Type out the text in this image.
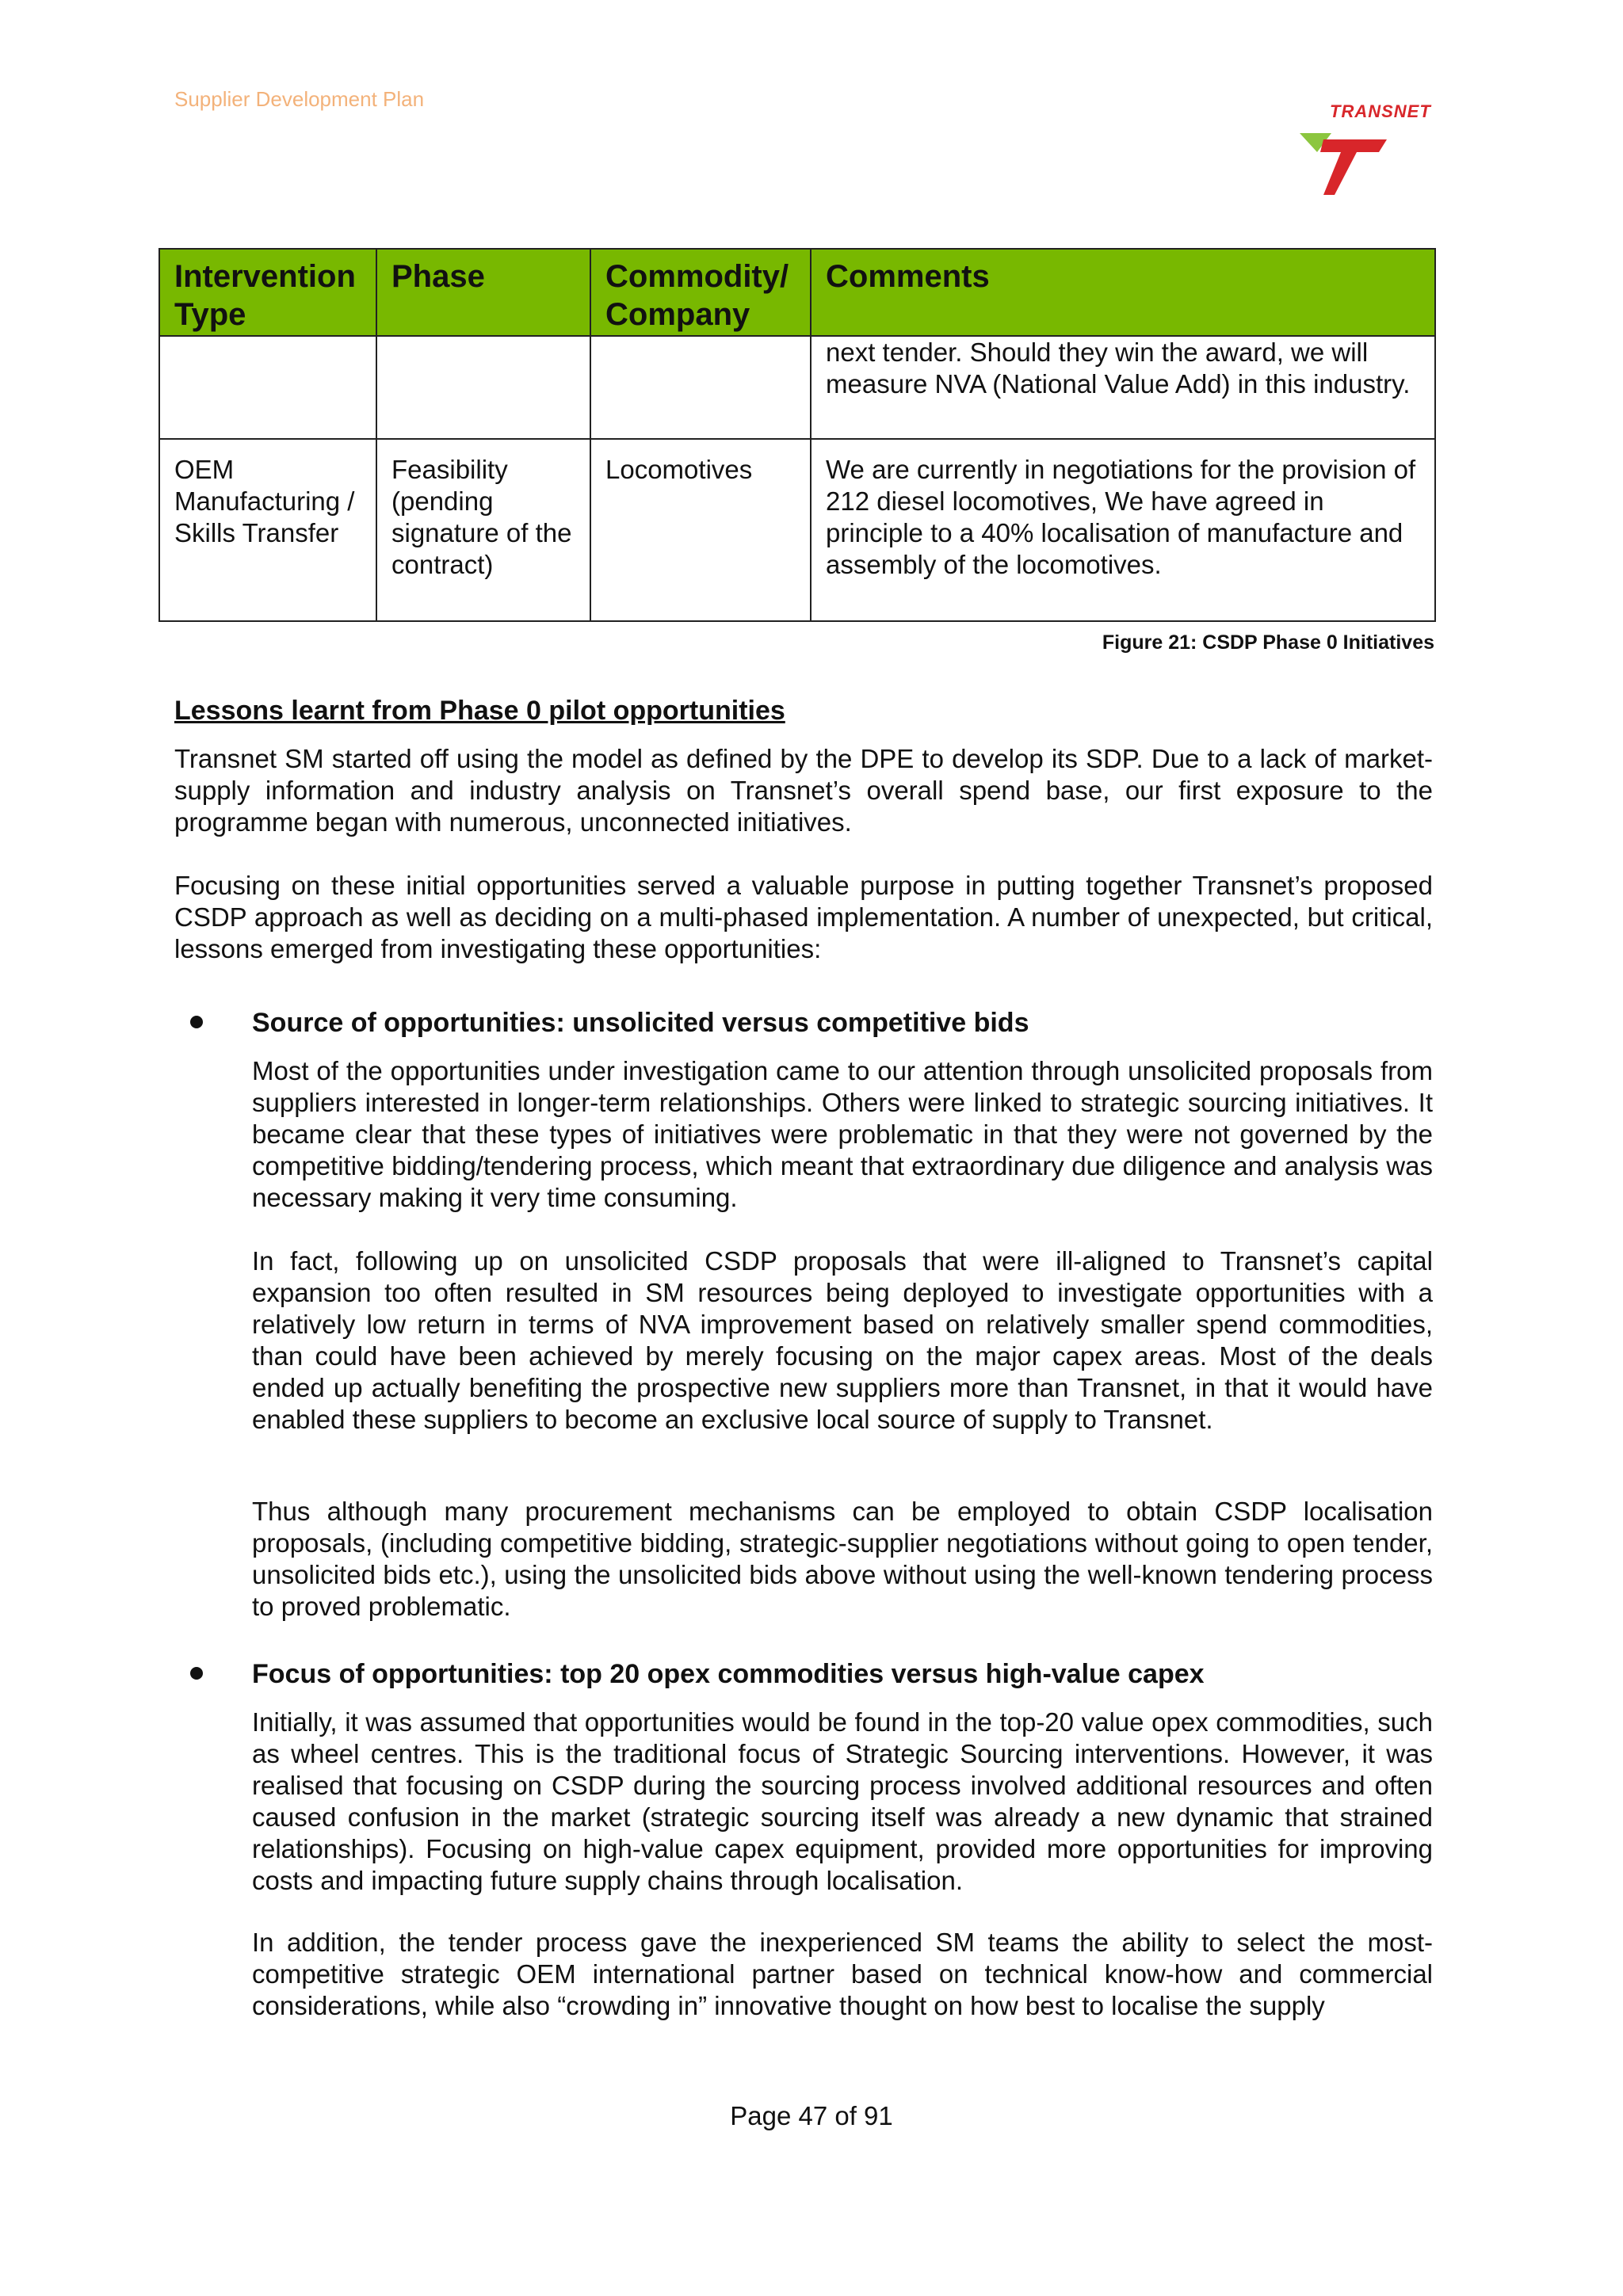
Supplier Development Plan
TRANSNET
Intervention Type	Phase	Commodity/ Company	Comments
			next tender. Should they win the award, we will measure NVA (National Value Add) in this industry.
OEM Manufacturing / Skills Transfer	Feasibility (pending signature of the contract)	Locomotives	We are currently in negotiations for the provision of 212 diesel locomotives, We have agreed in principle to a 40% localisation of manufacture and assembly of the locomotives.
Figure 21: CSDP Phase 0 Initiatives
Lessons learnt from Phase 0 pilot opportunities

Transnet SM started off using the model as defined by the DPE to develop its SDP. Due to a lack of market-supply information and industry analysis on Transnet’s overall spend base, our first exposure to the programme began with numerous, unconnected initiatives.

Focusing on these initial opportunities served a valuable purpose in putting together Transnet’s proposed CSDP approach as well as deciding on a multi-phased implementation. A number of unexpected, but critical, lessons emerged from investigating these opportunities:

Source of opportunities: unsolicited versus competitive bids

Most of the opportunities under investigation came to our attention through unsolicited proposals from suppliers interested in longer-term relationships. Others were linked to strategic sourcing initiatives. It became clear that these types of initiatives were problematic in that they were not governed by the competitive bidding/tendering process, which meant that extraordinary due diligence and analysis was necessary making it very time consuming.

In fact, following up on unsolicited CSDP proposals that were ill-aligned to Transnet’s capital expansion too often resulted in SM resources being deployed to investigate opportunities with a relatively low return in terms of NVA improvement based on relatively smaller spend commodities, than could have been achieved by merely focusing on the major capex areas. Most of the deals ended up actually benefiting the prospective new suppliers more than Transnet, in that it would have enabled these suppliers to become an exclusive local source of supply to Transnet.

Thus although many procurement mechanisms can be employed to obtain CSDP localisation proposals, (including competitive bidding, strategic-supplier negotiations without going to open tender, unsolicited bids etc.), using the unsolicited bids above without using the well-known tendering process to proved problematic.

Focus of opportunities: top 20 opex commodities versus high-value capex

Initially, it was assumed that opportunities would be found in the top-20 value opex commodities, such as wheel centres. This is the traditional focus of Strategic Sourcing interventions. However, it was realised that focusing on CSDP during the sourcing process involved additional resources and often caused confusion in the market (strategic sourcing itself was already a new dynamic that strained relationships). Focusing on high-value capex equipment, provided more opportunities for improving costs and impacting future supply chains through localisation.

In addition, the tender process gave the inexperienced SM teams the ability to select the most-competitive strategic OEM international partner based on technical know-how and commercial considerations, while also “crowding in” innovative thought on how best to localise the supply

Page 47 of 91
